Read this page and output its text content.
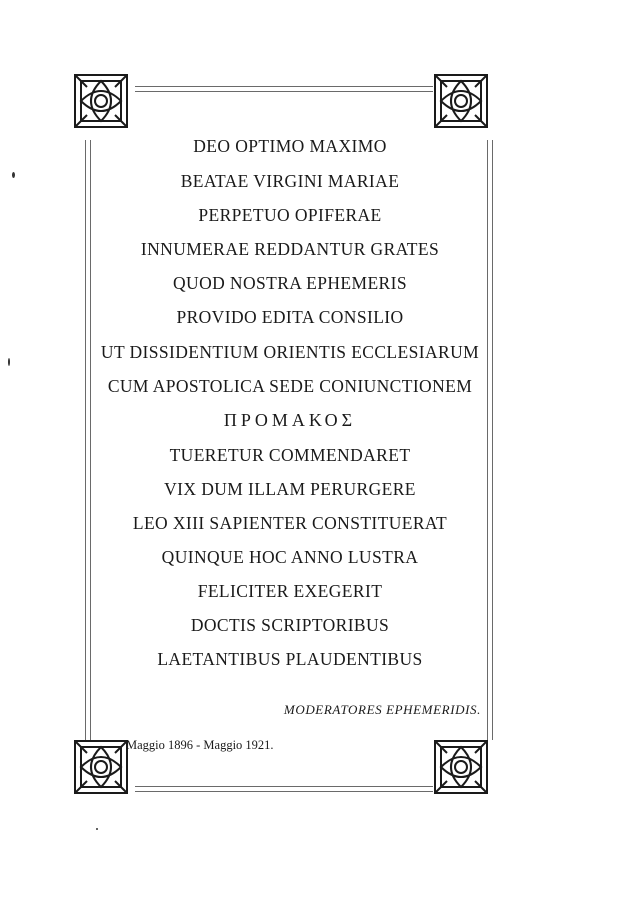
DEO OPTIMO MAXIMO
BEATAE VIRGINI MARIAE
PERPETUO OPIFERAE
INNUMERAE REDDANTUR GRATES
QUOD NOSTRA EPHEMERIS
PROVIDO EDITA CONSILIO
UT DISSIDENTIUM ORIENTIS ECCLESIARUM
CUM APOSTOLICA SEDE CONIUNCTIONEM
ΠΡΟΜΑΚΟΣ
TUERETUR COMMENDARET
VIX DUM ILLAM PERURGERE
LEO XIII SAPIENTER CONSTITUERAT
QUINQUE HOC ANNO LUSTRA
FELICITER EXEGERIT
DOCTIS SCRIPTORIBUS
LAETANTIBUS PLAUDENTIBUS
MODERATORES EPHEMERIDIS.
Maggio 1896 - Maggio 1921.
